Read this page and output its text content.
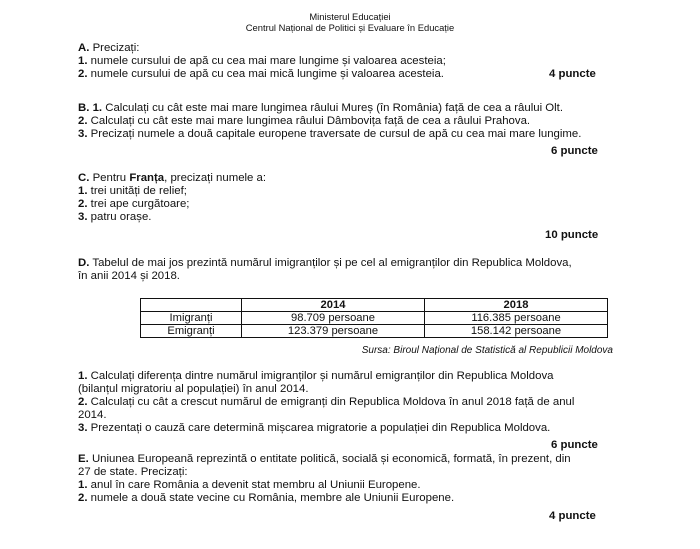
Ministerul Educației
Centrul Național de Politici și Evaluare în Educație
A. Precizați:
1. numele cursului de apă cu cea mai mare lungime și valoarea acesteia;
2. numele cursului de apă cu cea mai mică lungime și valoarea acesteia.	4 puncte
B. 1. Calculați cu cât este mai mare lungimea râului Mureș (în România) față de cea a râului Olt.
2. Calculați cu cât este mai mare lungimea râului Dâmbovița față de cea a râului Prahova.
3. Precizați numele a două capitale europene traversate de cursul de apă cu cea mai mare lungime.
6 puncte
C. Pentru Franța, precizați numele a:
1. trei unități de relief;
2. trei ape curgătoare;
3. patru orașe.
10 puncte
D. Tabelul de mai jos prezintă numărul imigranților și pe cel al emigranților din Republica Moldova,
în anii 2014 și 2018.
	2014	2018
Imigranți	98.709 persoane	116.385 persoane
Emigranți	123.379 persoane	158.142 persoane
Sursa: Biroul Național de Statistică al Republicii Moldova
1. Calculați diferența dintre numărul imigranților și numărul emigranților din Republica Moldova
(bilanțul migratoriu al populației) în anul 2014.
2. Calculați cu cât a crescut numărul de emigranți din Republica Moldova în anul 2018 față de anul
2014.
3. Prezentați o cauză care determină mișcarea migratorie a populației din Republica Moldova.
6 puncte
E. Uniunea Europeană reprezintă o entitate politică, socială și economică, formată, în prezent, din
27 de state. Precizați:
1. anul în care România a devenit stat membru al Uniunii Europene.
2. numele a două state vecine cu România, membre ale Uniunii Europene.
4 puncte
